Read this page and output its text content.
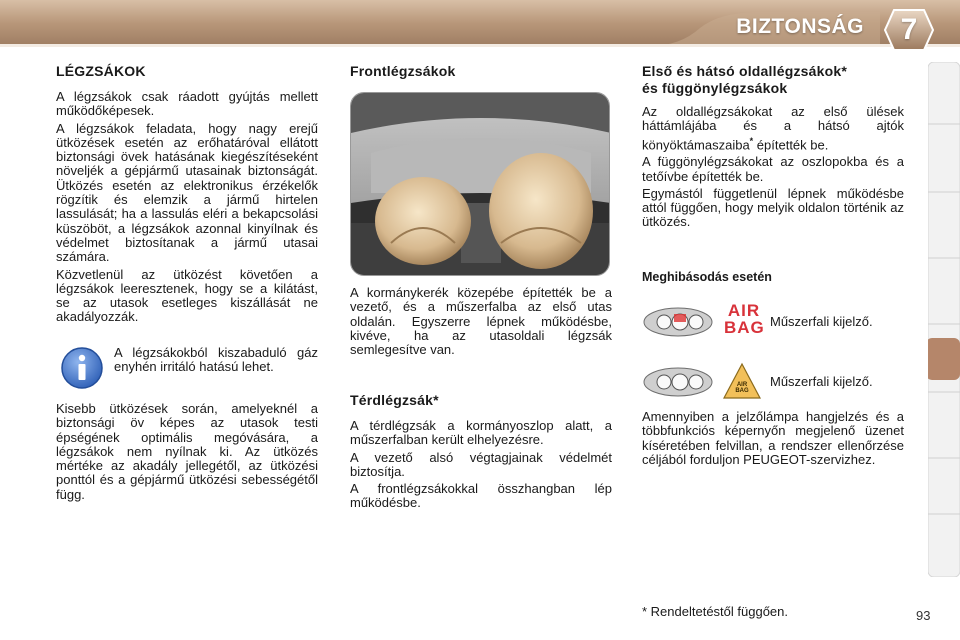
BIZTONSÁG	7
LÉGZSÁKOK

A légzsákok csak ráadott gyújtás mellett működőképesek.

A légzsákok feladata, hogy nagy erejű ütközések esetén az erőhatáróval ellátott biztonsági övek hatásának kiegészítéseként növeljék a gépjármű utasainak biztonságát. Ütközés esetén az elektronikus érzékelők rögzítik és elemzik a jármű hirtelen lassulását; ha a lassulás eléri a bekapcsolási küszöböt, a légzsákok azonnal kinyílnak és védelmet biztosítanak a jármű utasai számára.

Közvetlenül az ütközést követően a légzsákok leeresztenek, hogy se a kilátást, se az utasok esetleges kiszállását ne akadályozzák.

A légzsákokból kiszabaduló gáz enyhén irritáló hatású lehet.

Kisebb ütközések során, amelyeknél a biztonsági öv képes az utasok testi épségének optimális megóvására, a légzsákok nem nyílnak ki. Az ütközés mértéke az akadály jellegétől, az ütközési ponttól és a gépjármű ütközési sebességétől függ.

Frontlégzsákok

A kormánykerék közepébe építették be a vezető, és a műszerfalba az első utas oldalán. Egyszerre lépnek működésbe, kivéve, ha az utasoldali légzsák semlegesítve van.

Térdlégzsák*

A térdlégzsák a kormányoszlop alatt, a műszerfalban került elhelyezésre.

A vezető alsó végtagjainak védelmét biztosítja.

A frontlégzsákokkal összhangban lép működésbe.

Első és hátsó oldallégzsákok*
és függönylégzsákok

Az oldallégzsákokat az első ülések háttámlájába és a hátsó ajtók könyöktámaszaiba* építették be.

A függönylégzsákokat az oszlopokba és a tetőívbe építették be.

Egymástól függetlenül lépnek működésbe attól függően, hogy melyik oldalon történik az ütközés.

Meghibásodás esetén
AIR BAG Műszerfali kijelző.
AIR BAG
Műszerfali kijelző.

Amennyiben a jelzőlámpa hangjelzés és a többfunkciós képernyőn megjelenő üzenet kíséretében felvillan, a rendszer ellenőrzése céljából forduljon PEUGEOT-szervizhez.

* Rendeltetéstől függően.	93
